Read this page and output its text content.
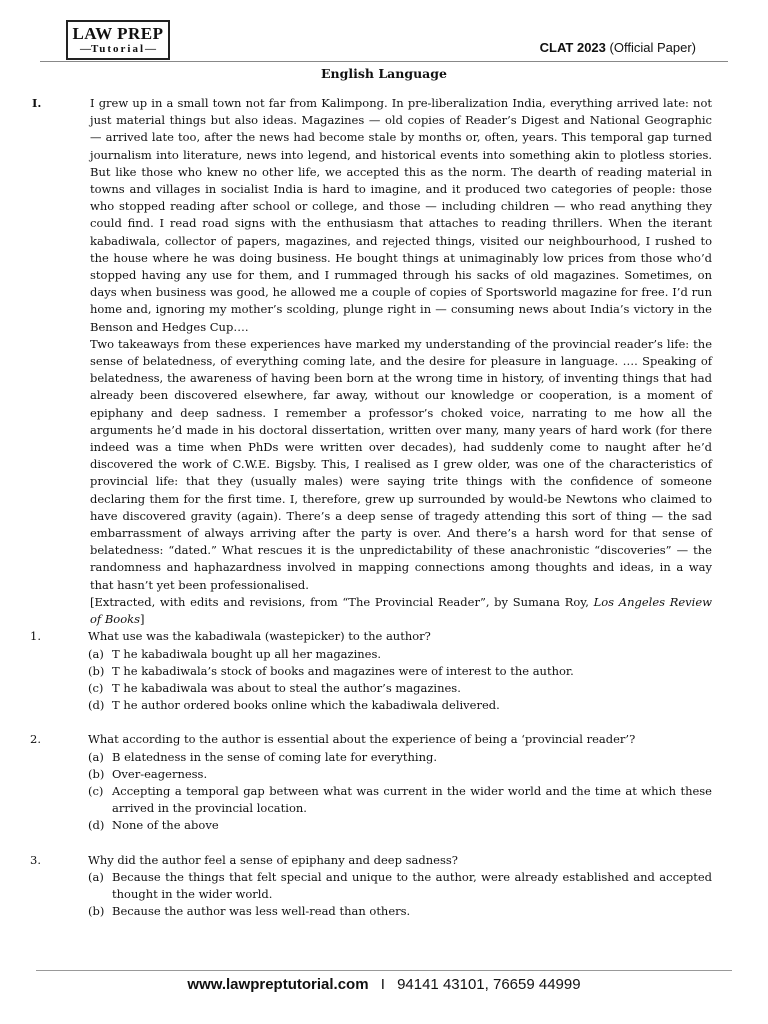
LAW PREP
— Tutorial —	CLAT 2023 (Official Paper)
English Language
I.	I grew up in a small town not far from Kalimpong. In pre-liberalization India, everything arrived late: not just material things but also ideas. Magazines — old copies of Reader’s Digest and National Geographic — arrived late too, after the news had become stale by months or, often, years. This temporal gap turned journalism into literature, news into legend, and historical events into something akin to plotless stories. But like those who knew no other life, we accepted this as the norm. The dearth of reading material in towns and villages in socialist India is hard to imagine, and it produced two categories of people: those who stopped reading after school or college, and those — including children — who read anything they could find. I read road signs with the enthusiasm that attaches to reading thrillers. When the iterant kabadiwala, collector of papers, magazines, and rejected things, visited our neighbourhood, I rushed to the house where he was doing business. He bought things at unimaginably low prices from those who’d stopped having any use for them, and I rummaged through his sacks of old magazines. Sometimes, on days when business was good, he allowed me a couple of copies of Sportsworld magazine for free. I’d run home and, ignoring my mother’s scolding, plunge right in — consuming news about India’s victory in the Benson and Hedges Cup….

Two takeaways from these experiences have marked my understanding of the provincial reader’s life: the sense of belatedness, of everything coming late, and the desire for pleasure in language. …. Speaking of belatedness, the awareness of having been born at the wrong time in history, of inventing things that had already been discovered elsewhere, far away, without our knowledge or cooperation, is a moment of epiphany and deep sadness. I remember a professor’s choked voice, narrating to me how all the arguments he’d made in his doctoral dissertation, written over many, many years of hard work (for there indeed was a time when PhDs were written over decades), had suddenly come to naught after he’d discovered the work of C.W.E. Bigsby. This, I realised as I grew older, was one of the characteristics of provincial life: that they (usually males) were saying trite things with the confidence of someone declaring them for the first time. I, therefore, grew up surrounded by would-be Newtons who claimed to have discovered gravity (again). There’s a deep sense of tragedy attending this sort of thing — the sad embarrassment of always arriving after the party is over. And there’s a harsh word for that sense of belatedness: “dated.” What rescues it is the unpredictability of these anachronistic “discoveries” — the randomness and haphazardness involved in mapping connections among thoughts and ideas, in a way that hasn’t yet been professionalised.

[Extracted, with edits and revisions, from “The Provincial Reader”, by Sumana Roy, Los Angeles Review of Books]

1.	What use was the kabadiwala (wastepicker) to the author?

(a) T he kabadiwala bought up all her magazines.
(b) T he kabadiwala’s stock of books and magazines were of interest to the author.
(c) T he kabadiwala was about to steal the author’s magazines.
(d) T he author ordered books online which the kabadiwala delivered.
2.	What according to the author is essential about the experience of being a ‘provincial reader’?

(a) B elatedness in the sense of coming late for everything.
(b) Over-eagerness.
(c) Accepting a temporal gap between what was current in the wider world and the time at which these arrived in the provincial location.
(d) None of the above
3.	Why did the author feel a sense of epiphany and deep sadness?

(a) Because the things that felt special and unique to the author, were already established and accepted thought in the wider world.
(b) Because the author was less well-read than others.
www.lawpreptutorial.com I 94141 43101, 76659 44999
